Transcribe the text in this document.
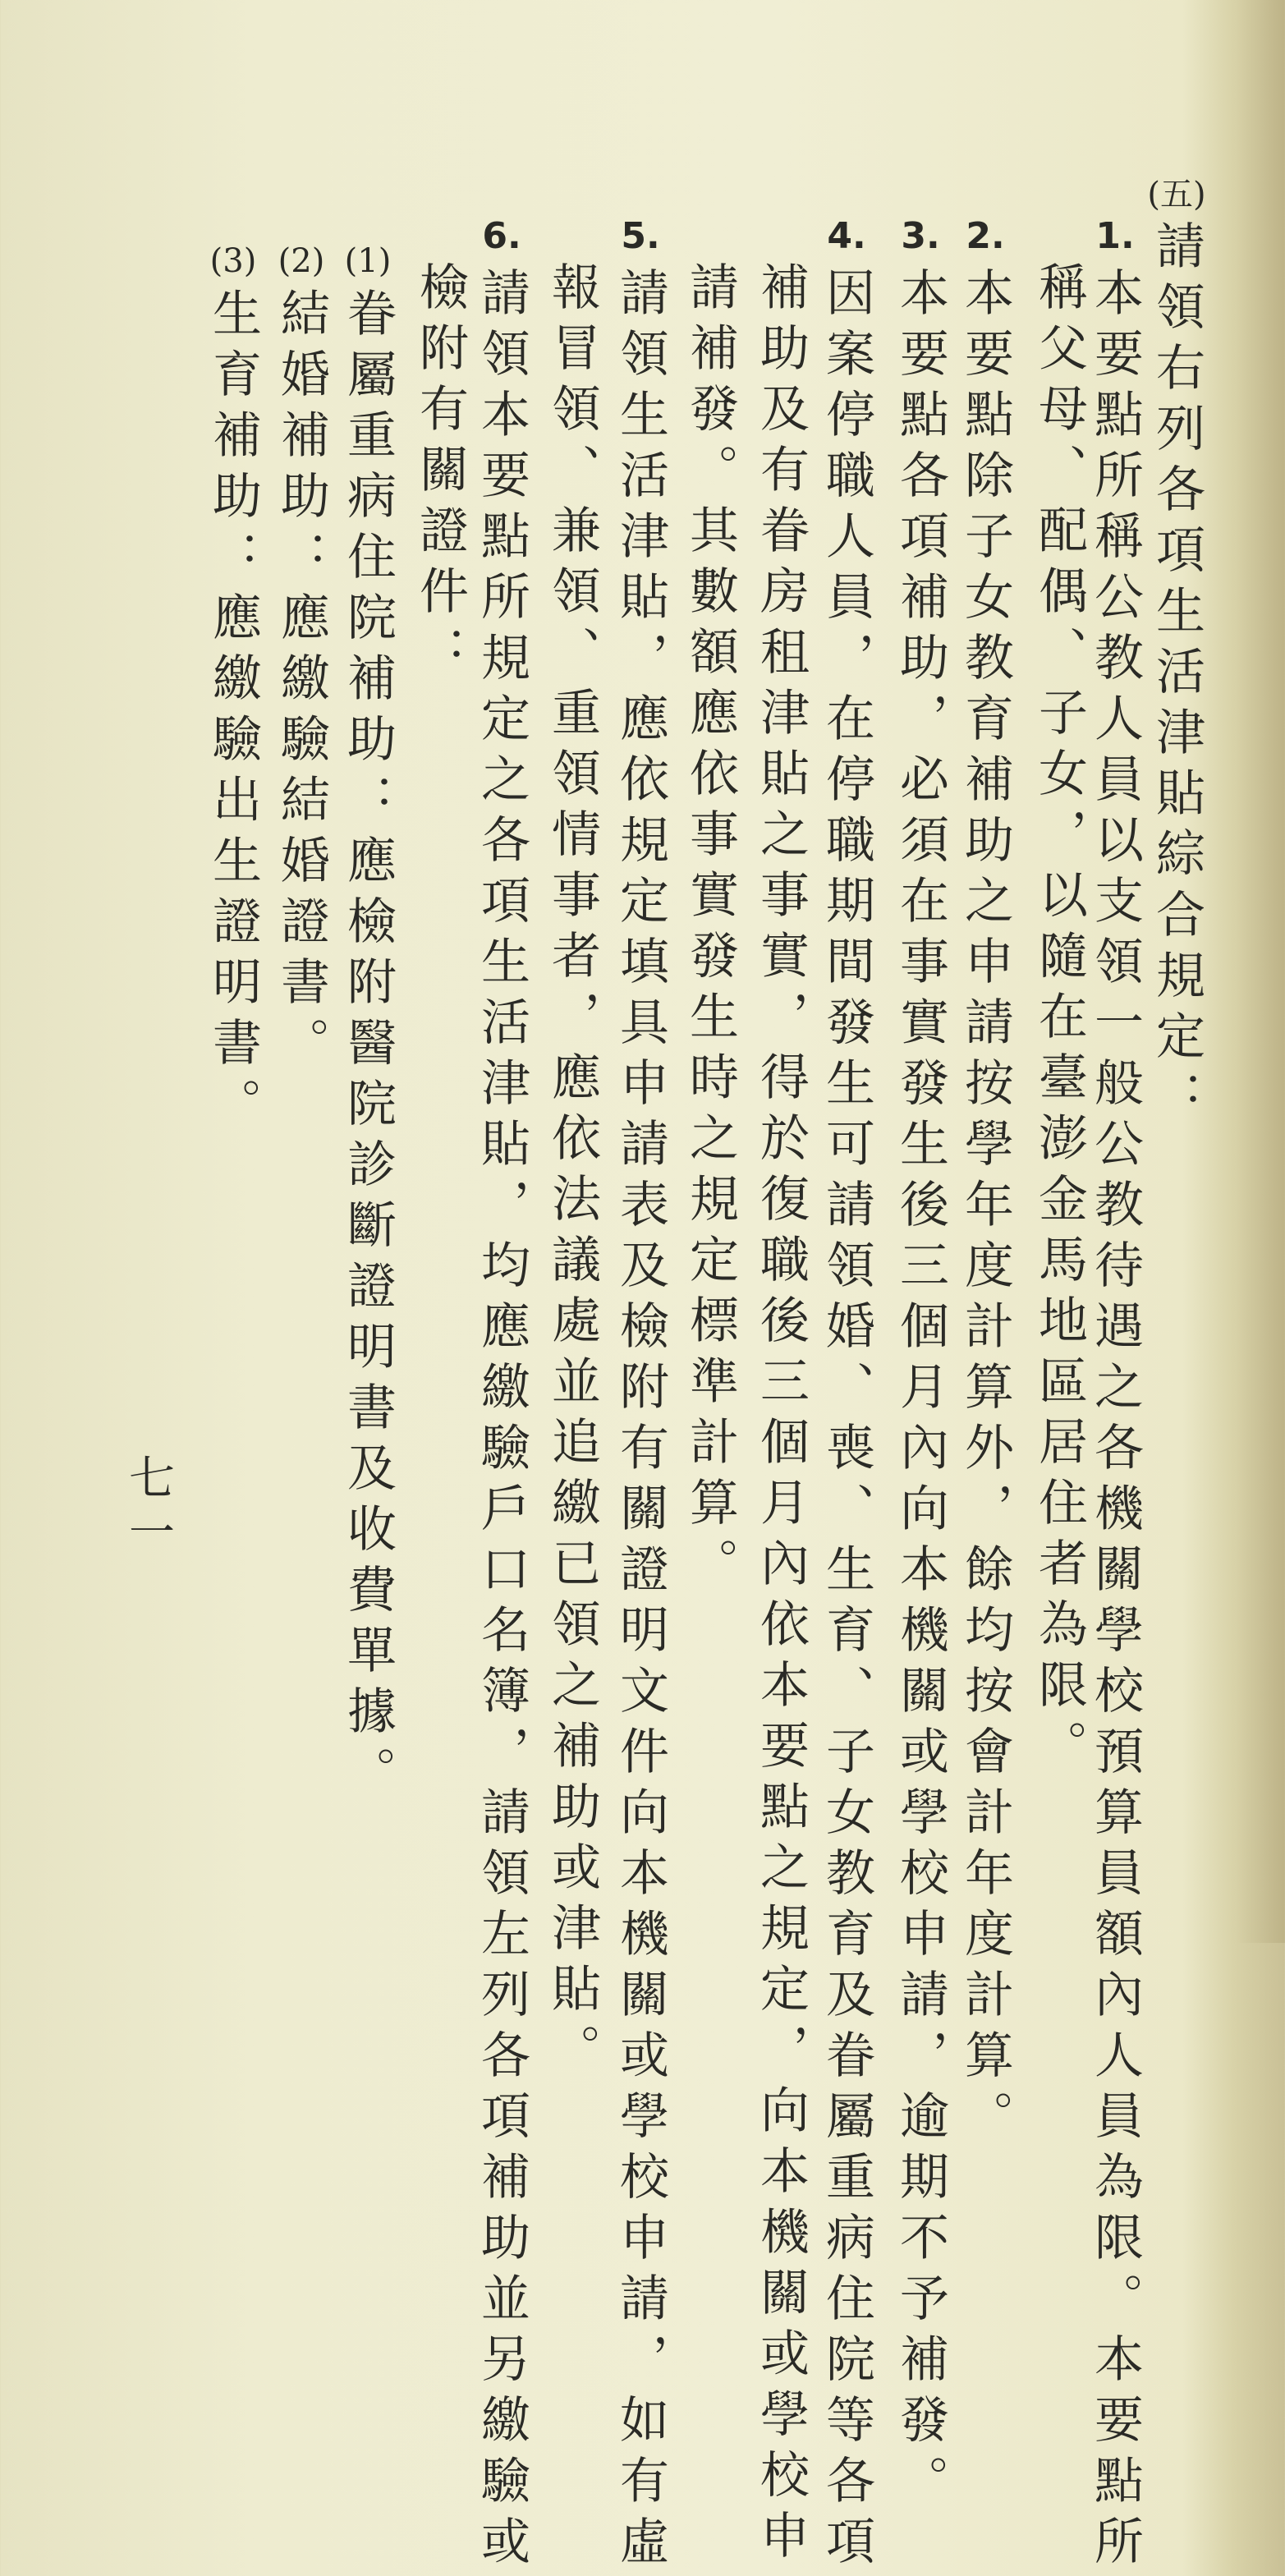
(五)
請領右列各項生活津貼綜合規定：
1.
本要點所稱公教人員以支領一般公教待遇之各機關學校預算員額內人員為限。本要點所
稱父母、配偶、子女，以隨在臺澎金馬地區居住者為限。
2.
本要點除子女教育補助之申請按學年度計算外，餘均按會計年度計算。
3.
本要點各項補助，必須在事實發生後三個月內向本機關或學校申請，逾期不予補發。
4.
因案停職人員，在停職期間發生可請領婚、喪、生育、子女教育及眷屬重病住院等各項
補助及有眷房租津貼之事實，得於復職後三個月內依本要點之規定，向本機關或學校申
請補發。其數額應依事實發生時之規定標準計算。
5.
請領生活津貼，應依規定填具申請表及檢附有關證明文件向本機關或學校申請，如有虛
報冒領、兼領、重領情事者，應依法議處並追繳已領之補助或津貼。
6.
請領本要點所規定之各項生活津貼，均應繳驗戶口名簿，請領左列各項補助並另繳驗或
檢附有關證件：
(1)
眷屬重病住院補助：應檢附醫院診斷證明書及收費單據。
(2)
結婚補助：應繳驗結婚證書。
(3)
生育補助：應繳驗出生證明書。
七一
